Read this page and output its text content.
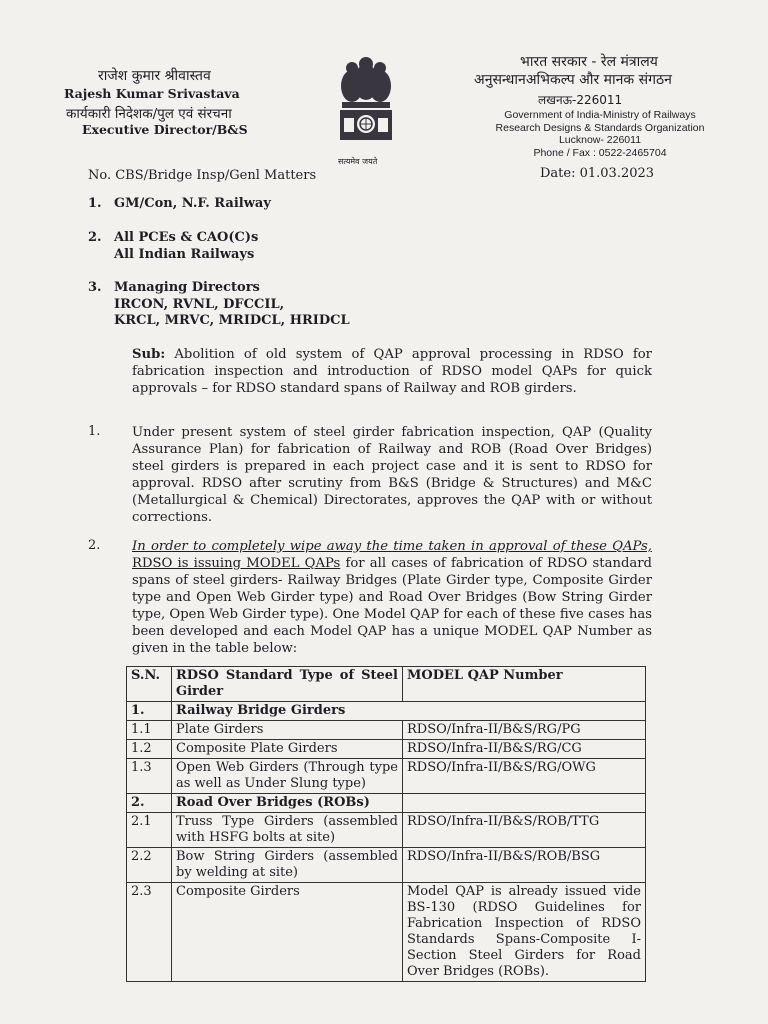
राजेश कुमार श्रीवास्तव
Rajesh Kumar Srivastava
कार्यकारी निदेशक/पुल एवं संरचना
Executive Director/B&S
सत्यमेव जयते
भारत सरकार - रेल मंत्रालय
अनुसन्धानअभिकल्प और मानक संगठन
लखनऊ-226011
Government of India-Ministry of Railways
Research Designs & Standards Organization
Lucknow- 226011
Phone / Fax : 0522-2465704
No. CBS/Bridge Insp/Genl Matters	Date: 01.03.2023
1. GM/Con, N.F. Railway
2. All PCEs & CAO(C)s
All Indian Railways
3. Managing Directors
IRCON, RVNL, DFCCIL,
KRCL, MRVC, MRIDCL, HRIDCL
Sub: Abolition of old system of QAP approval processing in RDSO for fabrication inspection and introduction of RDSO model QAPs for quick approvals – for RDSO standard spans of Railway and ROB girders.
1. Under present system of steel girder fabrication inspection, QAP (Quality Assurance Plan) for fabrication of Railway and ROB (Road Over Bridges) steel girders is prepared in each project case and it is sent to RDSO for approval. RDSO after scrutiny from B&S (Bridge & Structures) and M&C (Metallurgical & Chemical) Directorates, approves the QAP with or without corrections.
2. In order to completely wipe away the time taken in approval of these QAPs, RDSO is issuing MODEL QAPs for all cases of fabrication of RDSO standard spans of steel girders- Railway Bridges (Plate Girder type, Composite Girder type and Open Web Girder type) and Road Over Bridges (Bow String Girder type, Open Web Girder type). One Model QAP for each of these five cases has been developed and each Model QAP has a unique MODEL QAP Number as given in the table below:
S.N.	RDSO Standard Type of Steel Girder	MODEL QAP Number
1.	Railway Bridge Girders	
1.1	Plate Girders	RDSO/Infra-II/B&S/RG/PG
1.2	Composite Plate Girders	RDSO/Infra-II/B&S/RG/CG
1.3	Open Web Girders (Through type as well as Under Slung type)	RDSO/Infra-II/B&S/RG/OWG
2.	Road Over Bridges (ROBs)	
2.1	Truss Type Girders (assembled with HSFG bolts at site)	RDSO/Infra-II/B&S/ROB/TTG
2.2	Bow String Girders (assembled by welding at site)	RDSO/Infra-II/B&S/ROB/BSG
2.3	Composite Girders	Model QAP is already issued vide BS-130 (RDSO Guidelines for Fabrication Inspection of RDSO Standards Spans-Composite I-Section Steel Girders for Road Over Bridges (ROBs).
